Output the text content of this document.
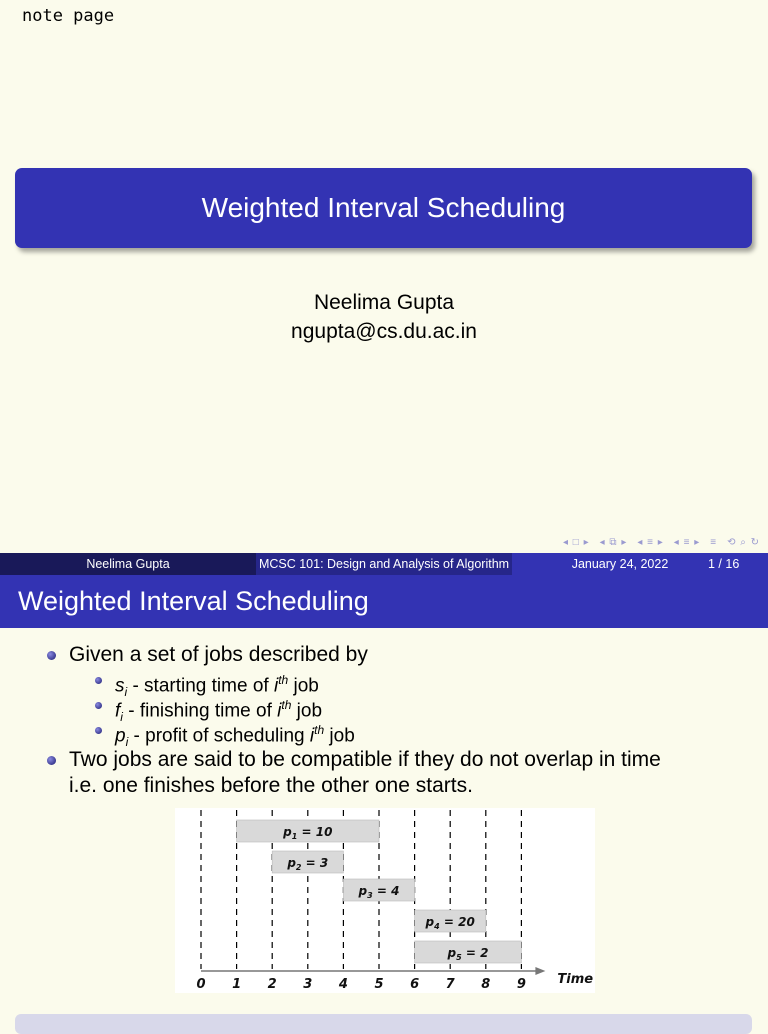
note page
Weighted Interval Scheduling
Neelima Gupta
ngupta@cs.du.ac.in
◂ □ ▸ ◂ ⧉ ▸ ◂ ≡ ▸ ◂ ≡ ▸ ≡ ⟲ ⌕ ↻
Neelima Gupta	MCSC 101: Design and Analysis of Algorithm	January 24, 2022	1 / 16
Weighted Interval Scheduling
Given a set of jobs described by
$s_i$ - starting time of $i^{th}$ job
$f_i$ - finishing time of $i^{th}$ job
$p_i$ - profit of scheduling $i^{th}$ job
Two jobs are said to be compatible if they do not overlap in time
i.e. one finishes before the other one starts.
$p_1 = 10$
$p_2 = 3$
$p_3 = 4$
$p_4 = 20$
$p_5 = 2$
0 1 2 3 4 5 6 7 8 9 Time
